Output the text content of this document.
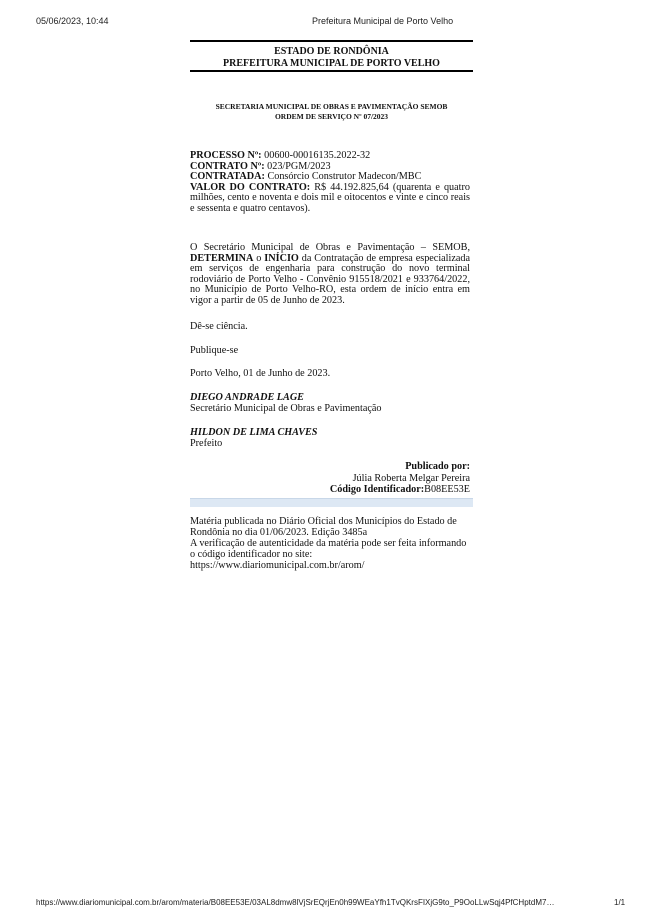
05/06/2023, 10:44	Prefeitura Municipal de Porto Velho
ESTADO DE RONDÔNIA
PREFEITURA MUNICIPAL DE PORTO VELHO
SECRETARIA MUNICIPAL DE OBRAS E PAVIMENTAÇÃO SEMOB
ORDEM DE SERVIÇO Nº 07/2023
PROCESSO Nº: 00600-00016135.2022-32
CONTRATO Nº: 023/PGM/2023
CONTRATADA: Consórcio Construtor Madecon/MBC
VALOR DO CONTRATO: R$ 44.192.825,64 (quarenta e quatro milhões, cento e noventa e dois mil e oitocentos e vinte e cinco reais e sessenta e quatro centavos).
O Secretário Municipal de Obras e Pavimentação – SEMOB, DETERMINA o INÍCIO da Contratação de empresa especializada em serviços de engenharia para construção do novo terminal rodoviário de Porto Velho - Convênio 915518/2021 e 933764/2022, no Município de Porto Velho-RO, esta ordem de início entra em vigor a partir de 05 de Junho de 2023.
Dê-se ciência.
Publique-se
Porto Velho, 01 de Junho de 2023.
DIEGO ANDRADE LAGE
Secretário Municipal de Obras e Pavimentação
HILDON DE LIMA CHAVES
Prefeito
Publicado por:
Júlia Roberta Melgar Pereira
Código Identificador:B08EE53E
Matéria publicada no Diário Oficial dos Municípios do Estado de Rondônia no dia 01/06/2023. Edição 3485a
A verificação de autenticidade da matéria pode ser feita informando o código identificador no site:
https://www.diariomunicipal.com.br/arom/
https://www.diariomunicipal.com.br/arom/materia/B08EE53E/03AL8dmw8lVjSrEQrjEn0h99WEaYfh1TvQKrsFIXjG9to_P9OoLLwSqj4PfCHptdM7…	1/1
